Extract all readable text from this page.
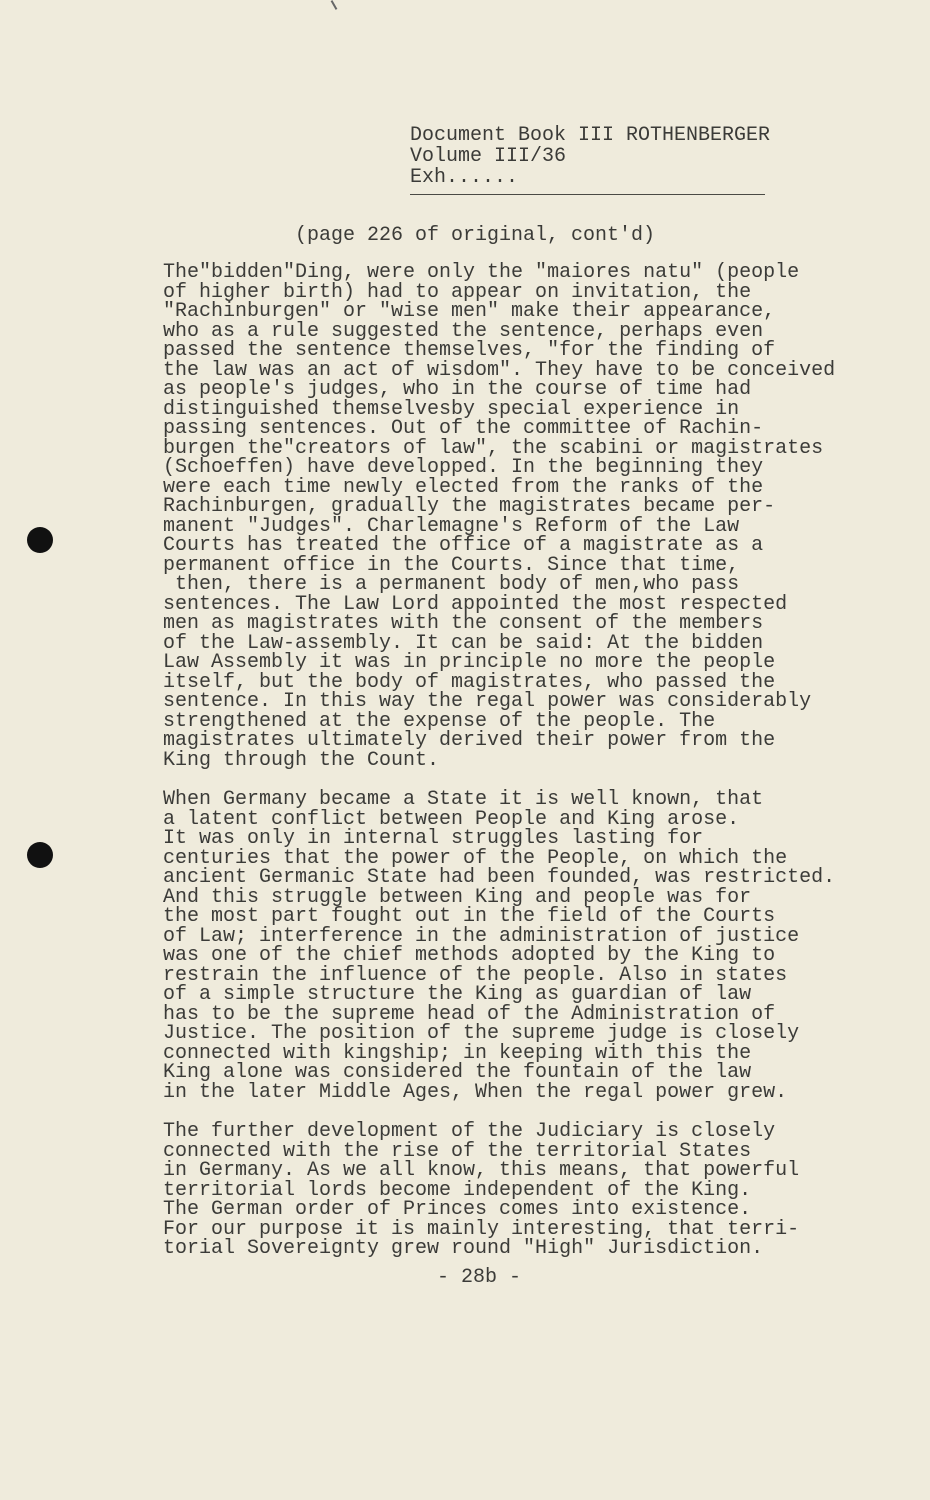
Document Book III ROTHENBERGER
Volume III/36
Exh......
(page 226 of original, cont'd)
The"bidden"Ding, were only the "maiores natu" (people
of higher birth) had to appear on invitation, the
"Rachinburgen" or "wise men" make their appearance,
who as a rule suggested the sentence, perhaps even
passed the sentence themselves, "for the finding of
the law was an act of wisdom". They have to be conceived
as people's judges, who in the course of time had
distinguished themselvesby special experience in
passing sentences. Out of the committee of Rachin-
burgen the"creators of law", the scabini or magistrates
(Schoeffen) have developped. In the beginning they
were each time newly elected from the ranks of the
Rachinburgen, gradually the magistrates became per-
manent "Judges". Charlemagne's Reform of the Law
Courts has treated the office of a magistrate as a
permanent office in the Courts. Since that time,
then, there is a permanent body of men,who pass
sentences. The Law Lord appointed the most respected
men as magistrates with the consent of the members
of the Law-assembly. It can be said: At the bidden
Law Assembly it was in principle no more the people
itself, but the body of magistrates, who passed the
sentence. In this way the regal power was considerably
strengthened at the expense of the people. The
magistrates ultimately derived their power from the
King through the Count.
When Germany became a State it is well known, that
a latent conflict between People and King arose.
It was only in internal struggles lasting for
centuries that the power of the People, on which the
ancient Germanic State had been founded, was restricted.
And this struggle between King and people was for
the most part fought out in the field of the Courts
of Law; interference in the administration of justice
was one of the chief methods adopted by the King to
restrain the influence of the people. Also in states
of a simple structure the King as guardian of law
has to be the supreme head of the Administration of
Justice. The position of the supreme judge is closely
connected with kingship; in keeping with this the
King alone was considered the fountain of the law
in the later Middle Ages, When the regal power grew.
The further development of the Judiciary is closely
connected with the rise of the territorial States
in Germany. As we all know, this means, that powerful
territorial lords become independent of the King.
The German order of Princes comes into existence.
For our purpose it is mainly interesting, that terri-
torial Sovereignty grew round "High" Jurisdiction.
- 28b -
